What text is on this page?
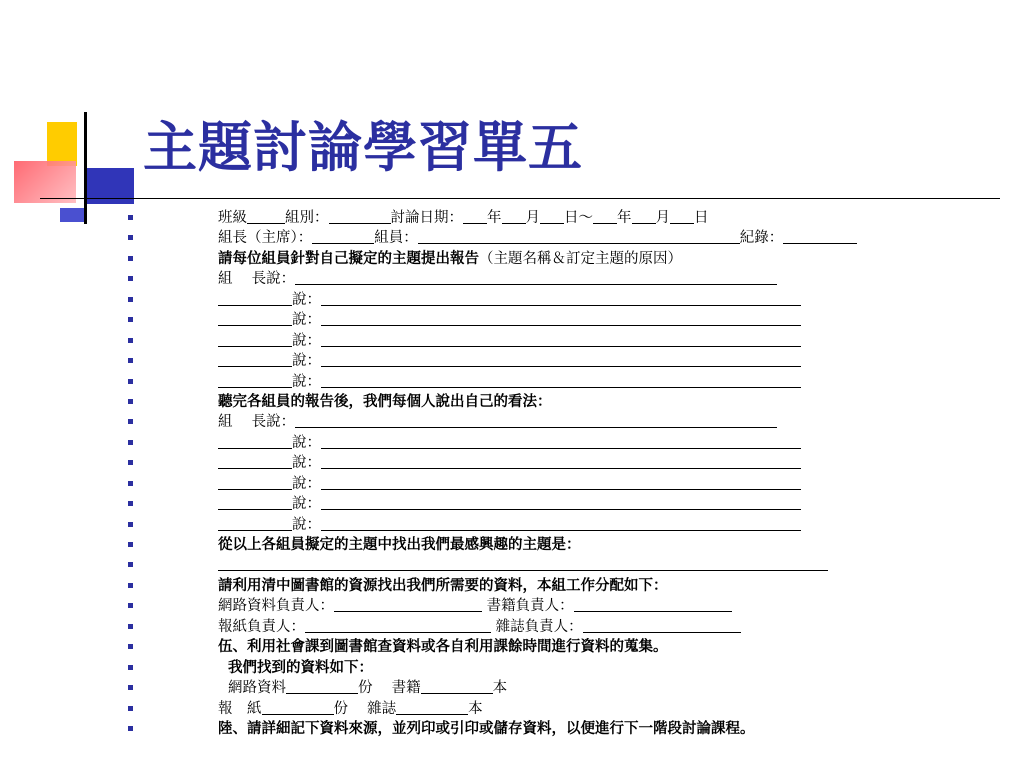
主題討論學習單五
班級	組別：	討論日期： 年 月 日～ 年 月 日
組長（主席）：	組員：	紀錄：
請每位組員針對自己擬定的主題提出報告（主題名稱＆訂定主題的原因）
組　 長說：
說：
說：
說：
說：
說：
聽完各組員的報告後，我們每個人說出自己的看法：
組　 長說：
說：
說：
說：
說：
說：
從以上各組員擬定的主題中找出我們最感興趣的主題是：
請利用清中圖書館的資源找出我們所需要的資料，本組工作分配如下：
網路資料負責人：	書籍負責人：
報紙負責人：	雜誌負責人：
伍、利用社會課到圖書館查資料或各自利用課餘時間進行資料的蒐集。
我們找到的資料如下：
網路資料	份　 書籍	本
報　紙	份　 雜誌	本
陸、請詳細記下資料來源，並列印或引印或儲存資料，以便進行下一階段討論課程。
